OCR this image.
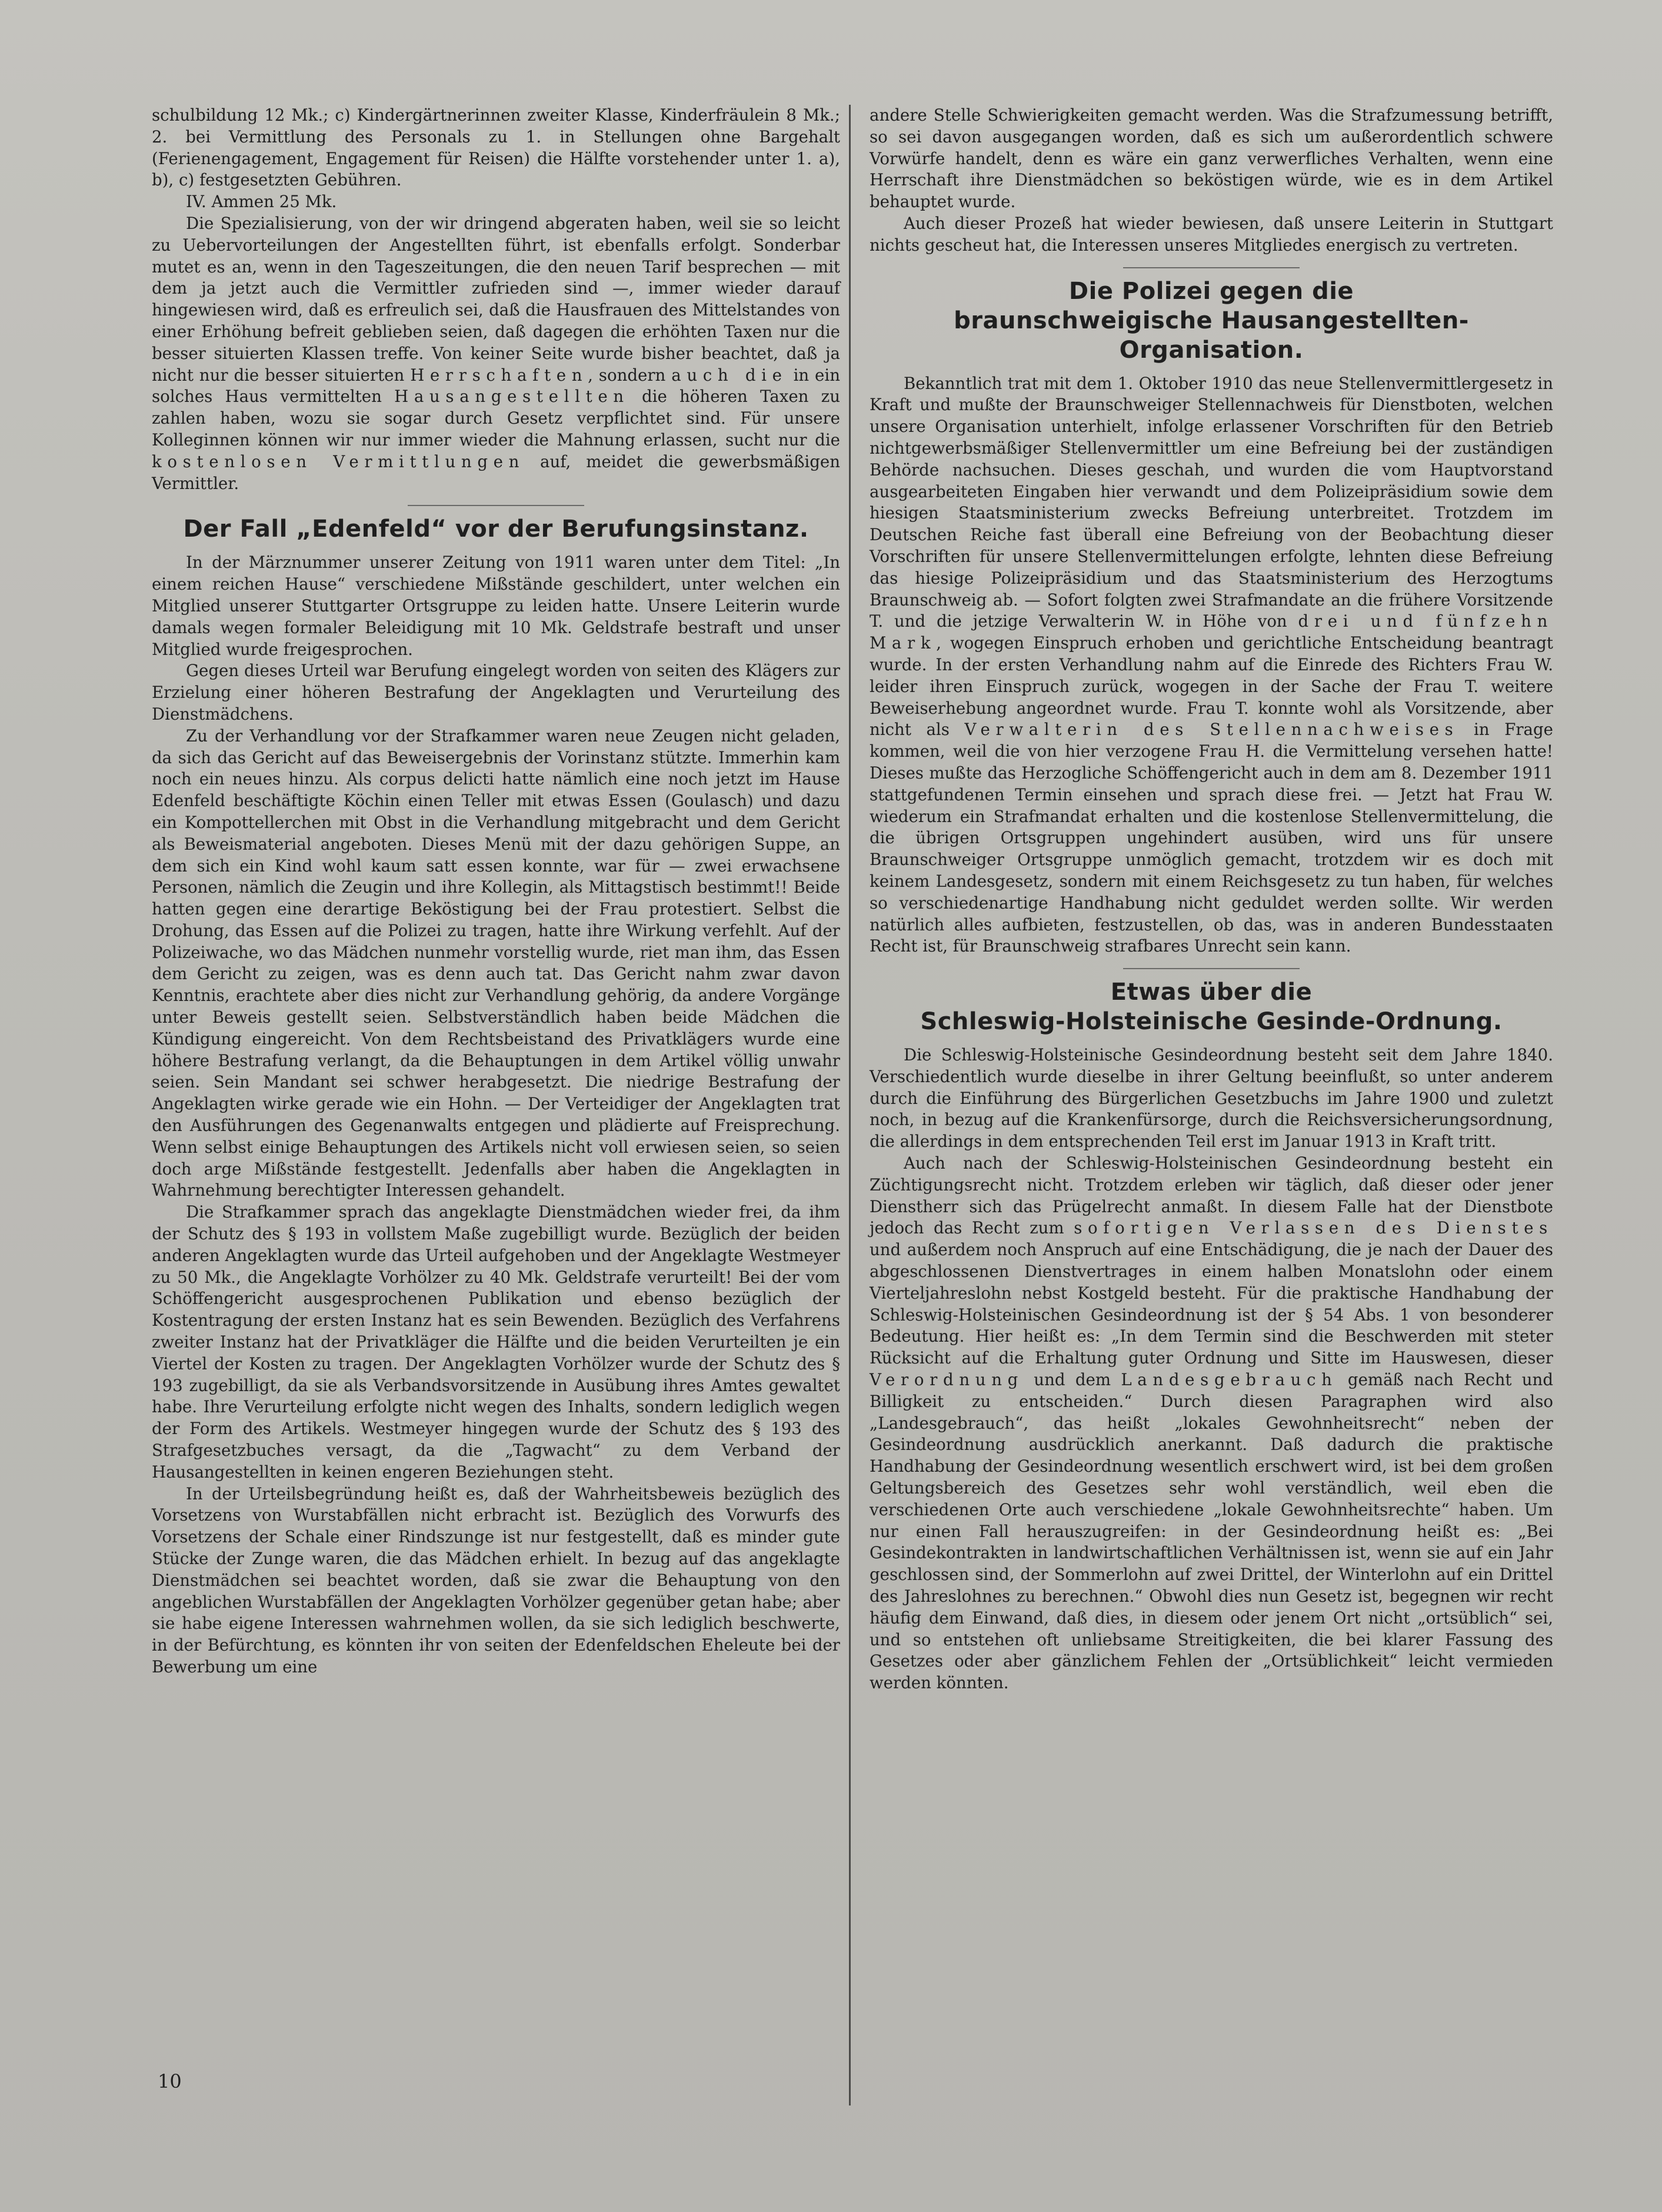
schulbildung 12 Mk.; c) Kindergärtnerinnen zweiter Klasse, Kinderfräulein 8 Mk.; 2. bei Vermittlung des Personals zu 1. in Stellungen ohne Bargehalt (Ferienengagement, Engagement für Reisen) die Hälfte vorstehender unter 1. a), b), c) festgesetzten Gebühren.

IV. Ammen 25 Mk.

Die Spezialisierung, von der wir dringend abgeraten haben, weil sie so leicht zu Uebervorteilungen der Angestellten führt, ist ebenfalls erfolgt. Sonderbar mutet es an, wenn in den Tageszeitungen, die den neuen Tarif besprechen — mit dem ja jetzt auch die Vermittler zufrieden sind —, immer wieder darauf hingewiesen wird, daß es erfreulich sei, daß die Hausfrauen des Mittelstandes von einer Erhöhung befreit geblieben seien, daß dagegen die erhöhten Taxen nur die besser situierten Klassen treffe. Von keiner Seite wurde bisher beachtet, daß ja nicht nur die besser situierten Herrschaften, sondern auch die in ein solches Haus vermittelten Hausangestellten die höheren Taxen zu zahlen haben, wozu sie sogar durch Gesetz verpflichtet sind. Für unsere Kolleginnen können wir nur immer wieder die Mahnung erlassen, sucht nur die kostenlosen Vermittlungen auf, meidet die gewerbsmäßigen Vermittler.

Der Fall „Edenfeld“ vor der Berufungsinstanz.

In der Märznummer unserer Zeitung von 1911 waren unter dem Titel: „In einem reichen Hause“ verschiedene Mißstände geschildert, unter welchen ein Mitglied unserer Stuttgarter Ortsgruppe zu leiden hatte. Unsere Leiterin wurde damals wegen formaler Beleidigung mit 10 Mk. Geldstrafe bestraft und unser Mitglied wurde freigesprochen.

Gegen dieses Urteil war Berufung eingelegt worden von seiten des Klägers zur Erzielung einer höheren Bestrafung der Angeklagten und Verurteilung des Dienstmädchens.

Zu der Verhandlung vor der Strafkammer waren neue Zeugen nicht geladen, da sich das Gericht auf das Beweisergebnis der Vorinstanz stützte. Immerhin kam noch ein neues hinzu. Als corpus delicti hatte nämlich eine noch jetzt im Hause Edenfeld beschäftigte Köchin einen Teller mit etwas Essen (Goulasch) und dazu ein Kompottellerchen mit Obst in die Verhandlung mitgebracht und dem Gericht als Beweismaterial angeboten. Dieses Menü mit der dazu gehörigen Suppe, an dem sich ein Kind wohl kaum satt essen konnte, war für — zwei erwachsene Personen, nämlich die Zeugin und ihre Kollegin, als Mittagstisch bestimmt!! Beide hatten gegen eine derartige Beköstigung bei der Frau protestiert. Selbst die Drohung, das Essen auf die Polizei zu tragen, hatte ihre Wirkung verfehlt. Auf der Polizeiwache, wo das Mädchen nunmehr vorstellig wurde, riet man ihm, das Essen dem Gericht zu zeigen, was es denn auch tat. Das Gericht nahm zwar davon Kenntnis, erachtete aber dies nicht zur Verhandlung gehörig, da andere Vorgänge unter Beweis gestellt seien. Selbstverständlich haben beide Mädchen die Kündigung eingereicht. Von dem Rechtsbeistand des Privatklägers wurde eine höhere Bestrafung verlangt, da die Behauptungen in dem Artikel völlig unwahr seien. Sein Mandant sei schwer herabgesetzt. Die niedrige Bestrafung der Angeklagten wirke gerade wie ein Hohn. — Der Verteidiger der Angeklagten trat den Ausführungen des Gegenanwalts entgegen und plädierte auf Freisprechung. Wenn selbst einige Behauptungen des Artikels nicht voll erwiesen seien, so seien doch arge Mißstände festgestellt. Jedenfalls aber haben die Angeklagten in Wahrnehmung berechtigter Interessen gehandelt.

Die Strafkammer sprach das angeklagte Dienstmädchen wieder frei, da ihm der Schutz des § 193 in vollstem Maße zugebilligt wurde. Bezüglich der beiden anderen Angeklagten wurde das Urteil aufgehoben und der Angeklagte Westmeyer zu 50 Mk., die Angeklagte Vorhölzer zu 40 Mk. Geldstrafe verurteilt! Bei der vom Schöffengericht ausgesprochenen Publikation und ebenso bezüglich der Kostentragung der ersten Instanz hat es sein Bewenden. Bezüglich des Verfahrens zweiter Instanz hat der Privatkläger die Hälfte und die beiden Verurteilten je ein Viertel der Kosten zu tragen. Der Angeklagten Vorhölzer wurde der Schutz des § 193 zugebilligt, da sie als Verbandsvorsitzende in Ausübung ihres Amtes gewaltet habe. Ihre Verurteilung erfolgte nicht wegen des Inhalts, sondern lediglich wegen der Form des Artikels. Westmeyer hingegen wurde der Schutz des § 193 des Strafgesetzbuches versagt, da die „Tagwacht“ zu dem Verband der Hausangestellten in keinen engeren Beziehungen steht.

In der Urteilsbegründung heißt es, daß der Wahrheitsbeweis bezüglich des Vorsetzens von Wurstabfällen nicht erbracht ist. Bezüglich des Vorwurfs des Vorsetzens der Schale einer Rindszunge ist nur festgestellt, daß es minder gute Stücke der Zunge waren, die das Mädchen erhielt. In bezug auf das angeklagte Dienstmädchen sei beachtet worden, daß sie zwar die Behauptung von den angeblichen Wurstabfällen der Angeklagten Vorhölzer gegenüber getan habe; aber sie habe eigene Interessen wahrnehmen wollen, da sie sich lediglich beschwerte, in der Befürchtung, es könnten ihr von seiten der Edenfeldschen Eheleute bei der Bewerbung um eine

andere Stelle Schwierigkeiten gemacht werden. Was die Strafzumessung betrifft, so sei davon ausgegangen worden, daß es sich um außerordentlich schwere Vorwürfe handelt, denn es wäre ein ganz verwerfliches Verhalten, wenn eine Herrschaft ihre Dienstmädchen so beköstigen würde, wie es in dem Artikel behauptet wurde.

Auch dieser Prozeß hat wieder bewiesen, daß unsere Leiterin in Stuttgart nichts gescheut hat, die Interessen unseres Mitgliedes energisch zu vertreten.

Die Polizei gegen die
braunschweigische Hausangestellten-Organisation.

Bekanntlich trat mit dem 1. Oktober 1910 das neue Stellenvermittlergesetz in Kraft und mußte der Braunschweiger Stellennachweis für Dienstboten, welchen unsere Organisation unterhielt, infolge erlassener Vorschriften für den Betrieb nichtgewerbsmäßiger Stellenvermittler um eine Befreiung bei der zuständigen Behörde nachsuchen. Dieses geschah, und wurden die vom Hauptvorstand ausgearbeiteten Eingaben hier verwandt und dem Polizeipräsidium sowie dem hiesigen Staatsministerium zwecks Befreiung unterbreitet. Trotzdem im Deutschen Reiche fast überall eine Befreiung von der Beobachtung dieser Vorschriften für unsere Stellenvermittelungen erfolgte, lehnten diese Befreiung das hiesige Polizeipräsidium und das Staatsministerium des Herzogtums Braunschweig ab. — Sofort folgten zwei Strafmandate an die frühere Vorsitzende T. und die jetzige Verwalterin W. in Höhe von drei und fünfzehn Mark, wogegen Einspruch erhoben und gerichtliche Entscheidung beantragt wurde. In der ersten Verhandlung nahm auf die Einrede des Richters Frau W. leider ihren Einspruch zurück, wogegen in der Sache der Frau T. weitere Beweiserhebung angeordnet wurde. Frau T. konnte wohl als Vorsitzende, aber nicht als Verwalterin des Stellennachweises in Frage kommen, weil die von hier verzogene Frau H. die Vermittelung versehen hatte! Dieses mußte das Herzogliche Schöffengericht auch in dem am 8. Dezember 1911 stattgefundenen Termin einsehen und sprach diese frei. — Jetzt hat Frau W. wiederum ein Strafmandat erhalten und die kostenlose Stellenvermittelung, die die übrigen Ortsgruppen ungehindert ausüben, wird uns für unsere Braunschweiger Ortsgruppe unmöglich gemacht, trotzdem wir es doch mit keinem Landesgesetz, sondern mit einem Reichsgesetz zu tun haben, für welches so verschiedenartige Handhabung nicht geduldet werden sollte. Wir werden natürlich alles aufbieten, festzustellen, ob das, was in anderen Bundesstaaten Recht ist, für Braunschweig strafbares Unrecht sein kann.

Etwas über die
Schleswig-Holsteinische Gesinde-Ordnung.

Die Schleswig-Holsteinische Gesindeordnung besteht seit dem Jahre 1840. Verschiedentlich wurde dieselbe in ihrer Geltung beeinflußt, so unter anderem durch die Einführung des Bürgerlichen Gesetzbuchs im Jahre 1900 und zuletzt noch, in bezug auf die Krankenfürsorge, durch die Reichsversicherungsordnung, die allerdings in dem entsprechenden Teil erst im Januar 1913 in Kraft tritt.

Auch nach der Schleswig-Holsteinischen Gesindeordnung besteht ein Züchtigungsrecht nicht. Trotzdem erleben wir täglich, daß dieser oder jener Dienstherr sich das Prügelrecht anmaßt. In diesem Falle hat der Dienstbote jedoch das Recht zum sofortigen Verlassen des Dienstes und außerdem noch Anspruch auf eine Entschädigung, die je nach der Dauer des abgeschlossenen Dienstvertrages in einem halben Monatslohn oder einem Vierteljahreslohn nebst Kostgeld besteht. Für die praktische Handhabung der Schleswig-Holsteinischen Gesindeordnung ist der § 54 Abs. 1 von besonderer Bedeutung. Hier heißt es: „In dem Termin sind die Beschwerden mit steter Rücksicht auf die Erhaltung guter Ordnung und Sitte im Hauswesen, dieser Verordnung und dem Landesgebrauch gemäß nach Recht und Billigkeit zu entscheiden.“ Durch diesen Paragraphen wird also „Landesgebrauch“, das heißt „lokales Gewohnheitsrecht“ neben der Gesindeordnung ausdrücklich anerkannt. Daß dadurch die praktische Handhabung der Gesindeordnung wesentlich erschwert wird, ist bei dem großen Geltungsbereich des Gesetzes sehr wohl verständlich, weil eben die verschiedenen Orte auch verschiedene „lokale Gewohnheitsrechte“ haben. Um nur einen Fall herauszugreifen: in der Gesindeordnung heißt es: „Bei Gesindekontrakten in landwirtschaftlichen Verhältnissen ist, wenn sie auf ein Jahr geschlossen sind, der Sommerlohn auf zwei Drittel, der Winterlohn auf ein Drittel des Jahreslohnes zu berechnen.“ Obwohl dies nun Gesetz ist, begegnen wir recht häufig dem Einwand, daß dies, in diesem oder jenem Ort nicht „ortsüblich“ sei, und so entstehen oft unliebsame Streitigkeiten, die bei klarer Fassung des Gesetzes oder aber gänzlichem Fehlen der „Ortsüblichkeit“ leicht vermieden werden könnten.

10
